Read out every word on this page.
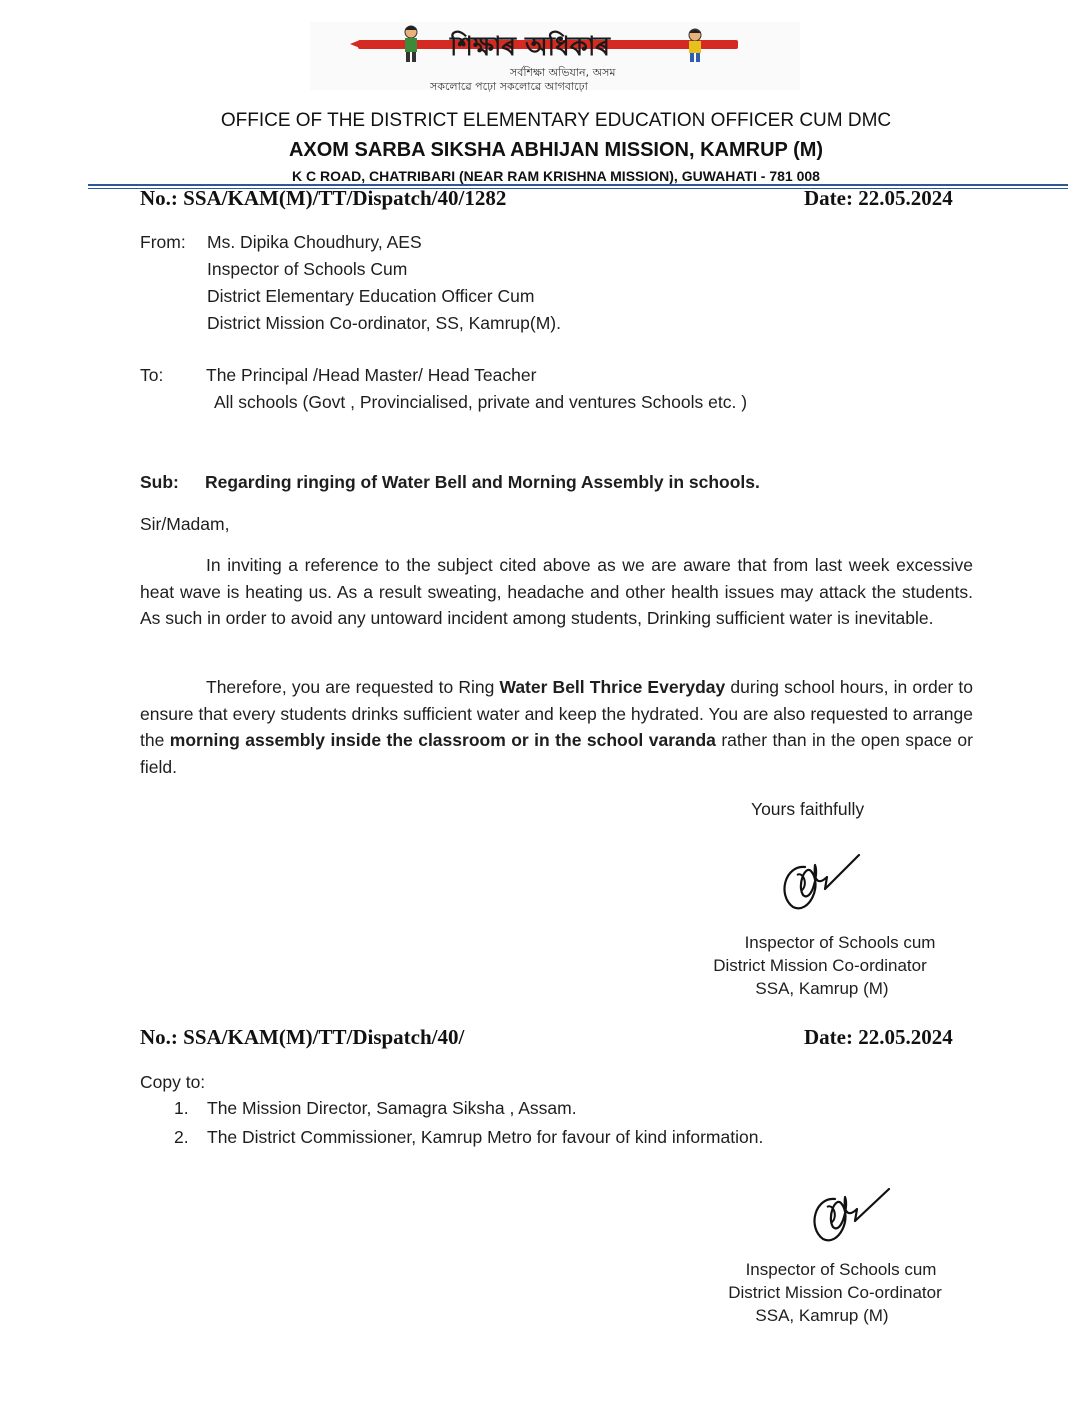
শিক্ষাৰ অধিকাৰ
সৰ্বশিক্ষা অভিযান, অসম
সকলোৱে পঢ়ো সকলোৱে আগবাঢ়ো
OFFICE OF THE DISTRICT ELEMENTARY EDUCATION OFFICER CUM DMC
AXOM SARBA SIKSHA ABHIJAN MISSION, KAMRUP (M)
K C ROAD, CHATRIBARI (NEAR RAM KRISHNA MISSION), GUWAHATI - 781 008
No.: SSA/KAM(M)/TT/Dispatch/40/1282	Date: 22.05.2024
From: Ms. Dipika Choudhury, AES
Inspector of Schools Cum
District Elementary Education Officer Cum
District Mission Co-ordinator, SS, Kamrup(M).
To: The Principal /Head Master/ Head Teacher
All schools (Govt , Provincialised, private and ventures Schools etc. )
Sub: Regarding ringing of Water Bell and Morning Assembly in schools.
Sir/Madam,
In inviting a reference to the subject cited above as we are aware that from last week excessive heat wave is heating us. As a result sweating, headache and other health issues may attack the students. As such in order to avoid any untoward incident among students, Drinking sufficient water is inevitable.
Therefore, you are requested to Ring Water Bell Thrice Everyday during school hours, in order to ensure that every students drinks sufficient water and keep the hydrated. You are also requested to arrange the morning assembly inside the classroom or in the school varanda rather than in the open space or field.
Yours faithfully
Inspector of Schools cum
District Mission Co-ordinator
SSA, Kamrup (M)
No.: SSA/KAM(M)/TT/Dispatch/40/	Date: 22.05.2024
Copy to:
1. The Mission Director, Samagra Siksha , Assam.
2. The District Commissioner, Kamrup Metro for favour of kind information.
Inspector of Schools cum
District Mission Co-ordinator
SSA, Kamrup (M)
